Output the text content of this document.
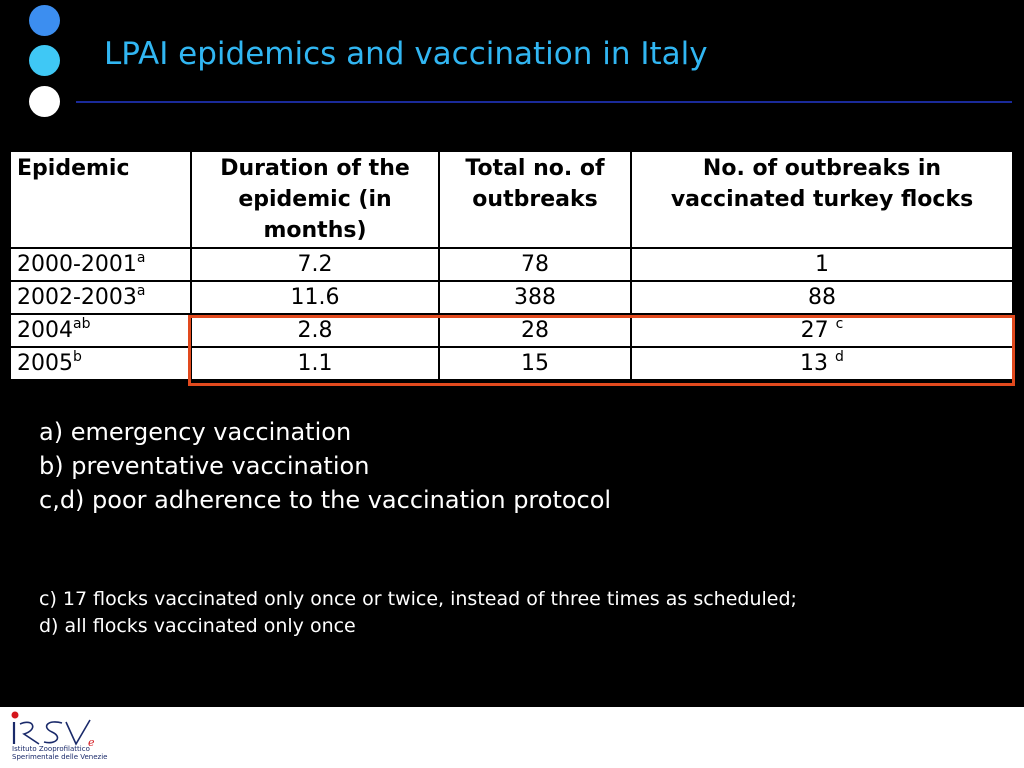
LPAI epidemics and vaccination in Italy
Epidemic	Duration of the epidemic (in months)	Total no. of outbreaks	No. of outbreaks in vaccinated turkey flocks
2000-2001$^a$	7.2	78	1
2002-2003$^a$	11.6	388	88
$2004^{ab}$	2.8	28	27 $^c$
2005$^b$	1.1	15	13 $^d$
a) emergency vaccination
b) preventative vaccination
c,d) poor adherence to the vaccination protocol
c) 17 flocks vaccinated only once or twice, instead of three times as scheduled;
d) all flocks vaccinated only once
e
Istituto Zooprofilattico
Sperimentale delle Venezie
